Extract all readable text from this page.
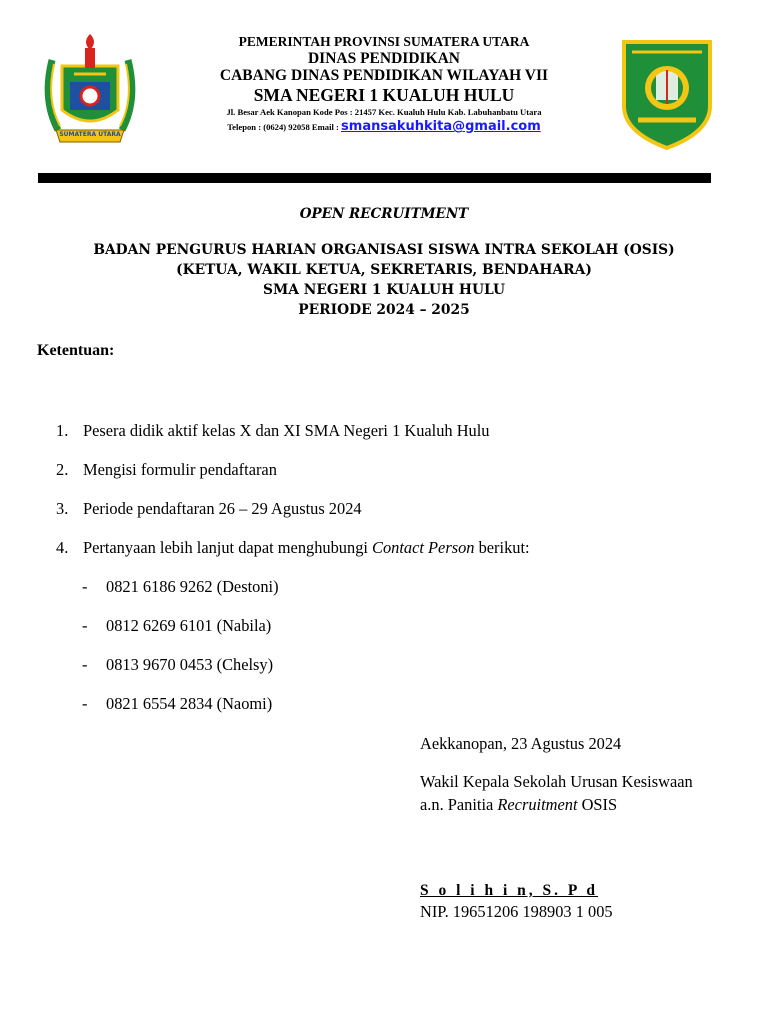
SUMATERA UTARA
PEMERINTAH PROVINSI SUMATERA UTARA
DINAS PENDIDIKAN
CABANG DINAS PENDIDIKAN WILAYAH VII
SMA NEGERI 1 KUALUH HULU
Jl. Besar Aek Kanopan Kode Pos : 21457 Kec. Kualuh Hulu Kab. Labuhanbatu Utara
Telepon : (0624) 92058 Email : smansakuhkita@gmail.com
OPEN RECRUITMENT
BADAN PENGURUS HARIAN ORGANISASI SISWA INTRA SEKOLAH (OSIS)
(KETUA, WAKIL KETUA, SEKRETARIS, BENDAHARA)
SMA NEGERI 1 KUALUH HULU
PERIODE 2024 – 2025
Ketentuan:
1. Pesera didik aktif kelas X dan XI SMA Negeri 1 Kualuh Hulu
2. Mengisi formulir pendaftaran
3. Periode pendaftaran 26 – 29 Agustus 2024
4. Pertanyaan lebih lanjut dapat menghubungi Contact Person berikut:
- 0821 6186 9262 (Destoni)
- 0812 6269 6101 (Nabila)
- 0813 9670 0453 (Chelsy)
- 0821 6554 2834 (Naomi)
Aekkanopan, 23 Agustus 2024
Wakil Kepala Sekolah Urusan Kesiswaan
a.n. Panitia Recruitment OSIS
S o l i h i n, S. P d
NIP. 19651206 198903 1 005
